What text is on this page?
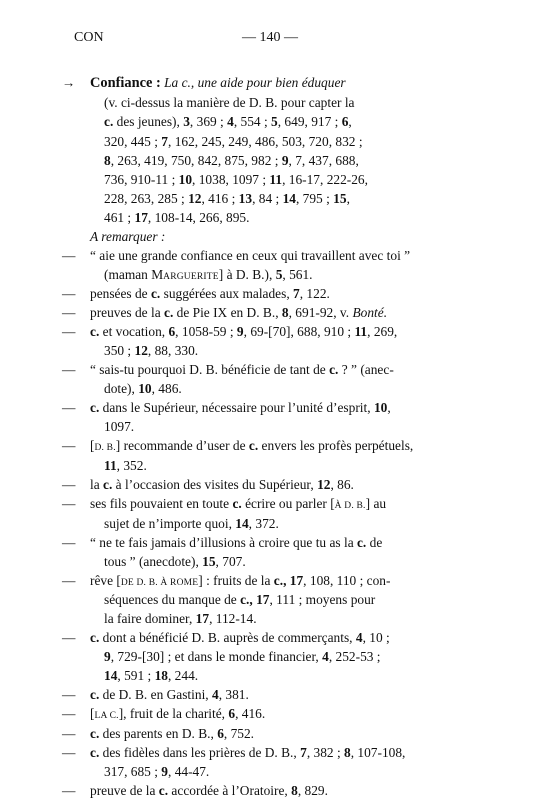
CON	— 140 —
→ Confiance : La c., une aide pour bien éduquer
(v. ci-dessus la manière de D. B. pour capter la
c. des jeunes), 3, 369 ; 4, 554 ; 5, 649, 917 ; 6,
320, 445 ; 7, 162, 245, 249, 486, 503, 720, 832 ;
8, 263, 419, 750, 842, 875, 982 ; 9, 7, 437, 688,
736, 910-11 ; 10, 1038, 1097 ; 11, 16-17, 222-26,
228, 263, 285 ; 12, 416 ; 13, 84 ; 14, 795 ; 15,
461 ; 17, 108-14, 266, 895.
A remarquer :
— “ aie une grande confiance en ceux qui travaillent avec toi ”
(maman MARGUERITE] à D. B.), 5, 561.
— pensées de c. suggérées aux malades, 7, 122.
— preuves de la c. de Pie IX en D. B., 8, 691-92, v. Bonté.
— c. et vocation, 6, 1058-59 ; 9, 69-[70], 688, 910 ; 11, 269,
350 ; 12, 88, 330.
— “ sais-tu pourquoi D. B. bénéficie de tant de c. ? ” (anec-
dote), 10, 486.
— c. dans le Supérieur, nécessaire pour l’unité d’esprit, 10,
1097.
— [D. B.] recommande d’user de c. envers les profès perpétuels,
11, 352.
— la c. à l’occasion des visites du Supérieur, 12, 86.
— ses fils pouvaient en toute c. écrire ou parler [À D. B.] au
sujet de n’importe quoi, 14, 372.
— “ ne te fais jamais d’illusions à croire que tu as la c. de
tous ” (anecdote), 15, 707.
— rêve [DE D. B. À ROME] : fruits de la c., 17, 108, 110 ; con-
séquences du manque de c., 17, 111 ; moyens pour
la faire dominer, 17, 112-14.
— c. dont a bénéficié D. B. auprès de commerçants, 4, 10 ;
9, 729-[30] ; et dans le monde financier, 4, 252-53 ;
14, 591 ; 18, 244.
— c. de D. B. en Gastini, 4, 381.
— [LA C.], fruit de la charité, 6, 416.
— c. des parents en D. B., 6, 752.
— c. des fidèles dans les prières de D. B., 7, 382 ; 8, 107-108,
317, 685 ; 9, 44-47.
— preuve de la c. accordée à l’Oratoire, 8, 829.
